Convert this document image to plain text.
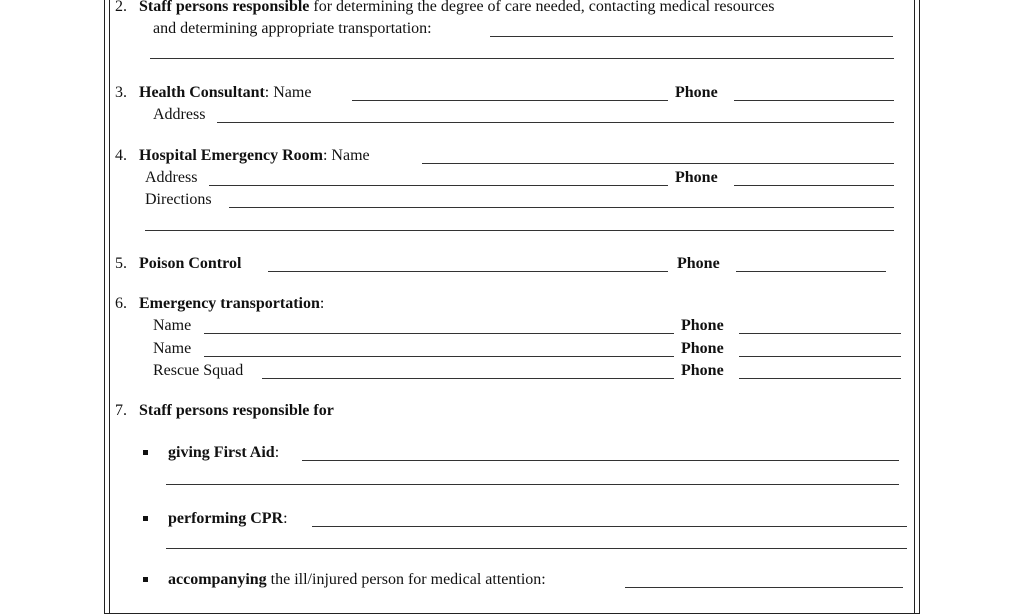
2. Staff persons responsible for determining the degree of care needed, contacting medical resources
and determining appropriate transportation:
3. Health Consultant: Name	Phone
Address
4. Hospital Emergency Room: Name
Address	Phone
Directions
5. Poison Control	Phone
6. Emergency transportation:
Name	Phone
Name	Phone
Rescue Squad	Phone
7. Staff persons responsible for
giving First Aid:
performing CPR:
accompanying the ill/injured person for medical attention:
